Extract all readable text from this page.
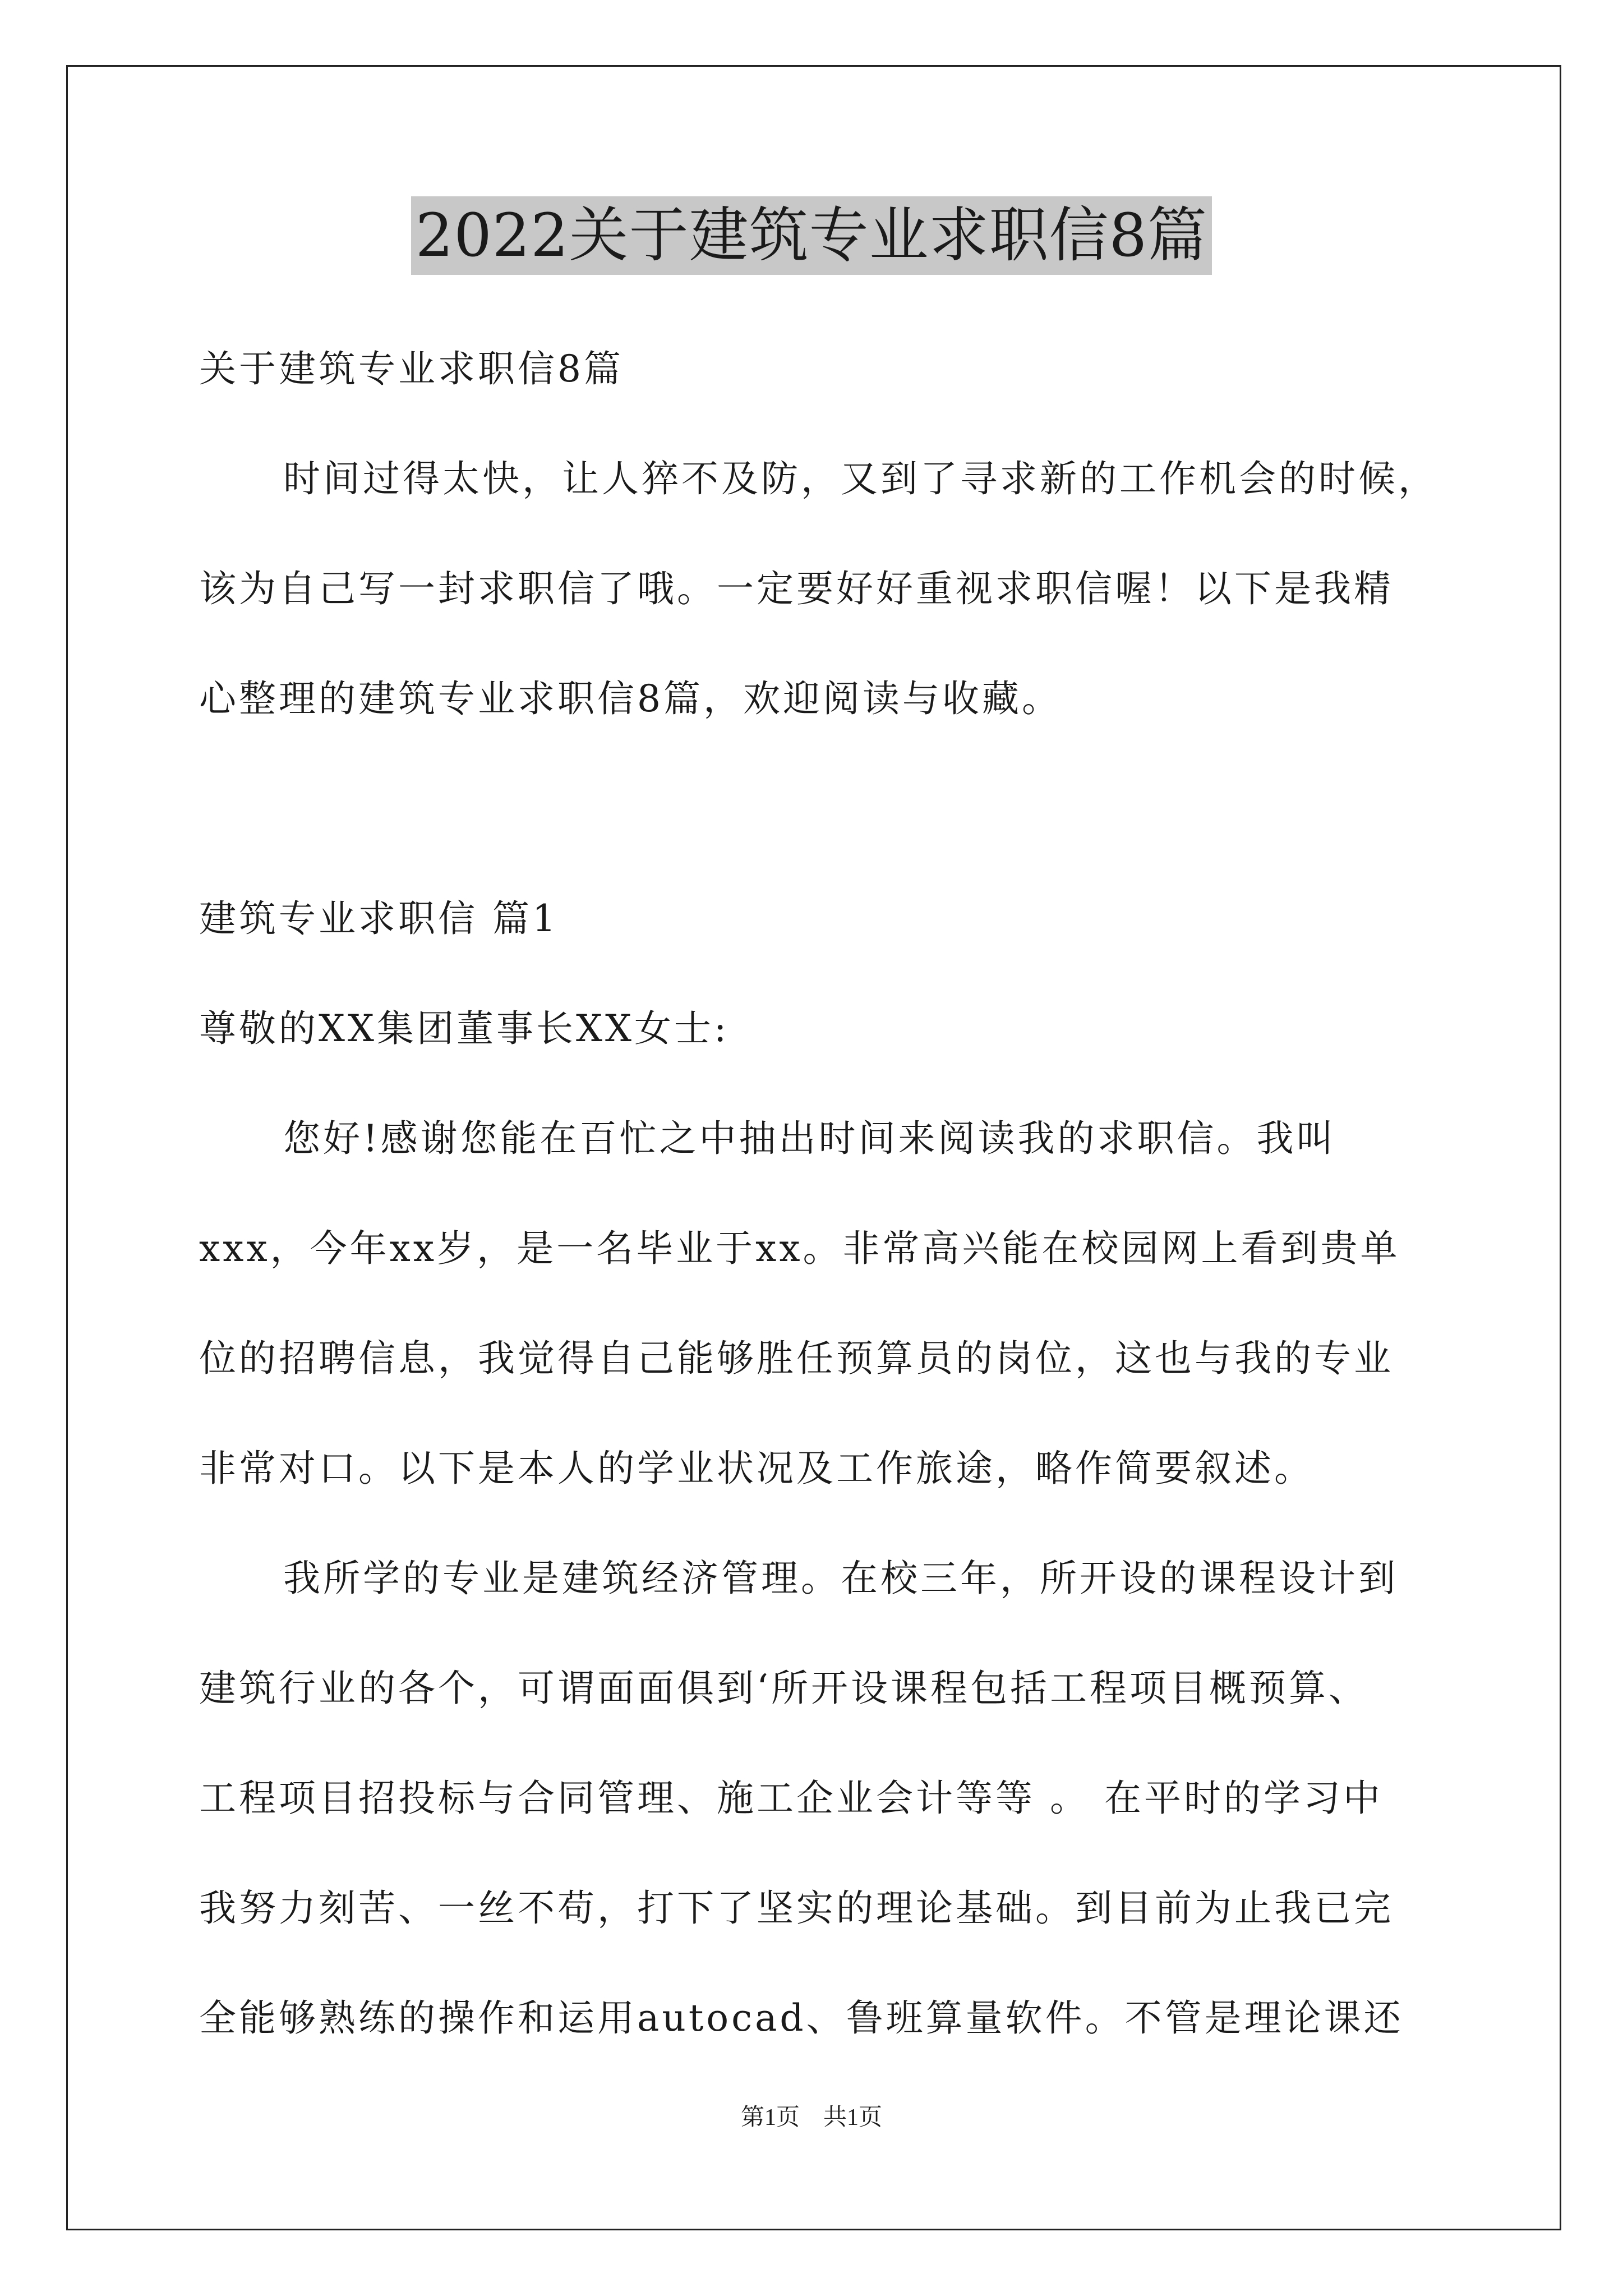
2022关于建筑专业求职信8篇
关于建筑专业求职信8篇
时间过得太快，让人猝不及防，又到了寻求新的工作机会的时候，
该为自己写一封求职信了哦。一定要好好重视求职信喔！以下是我精
心整理的建筑专业求职信8篇，欢迎阅读与收藏。
建筑专业求职信 篇1
尊敬的XX集团董事长XX女士:
您好!感谢您能在百忙之中抽出时间来阅读我的求职信。我叫
xxx，今年xx岁，是一名毕业于xx。非常高兴能在校园网上看到贵单
位的招聘信息，我觉得自己能够胜任预算员的岗位，这也与我的专业
非常对口。以下是本人的学业状况及工作旅途，略作简要叙述。
我所学的专业是建筑经济管理。在校三年，所开设的课程设计到
建筑行业的各个，可谓面面俱到‘所开设课程包括工程项目概预算、
工程项目招投标与合同管理、施工企业会计等等 。 在平时的学习中
我努力刻苦、一丝不苟，打下了坚实的理论基础。到目前为止我已完
全能够熟练的操作和运用autocad、鲁班算量软件。不管是理论课还
第1页　共1页
